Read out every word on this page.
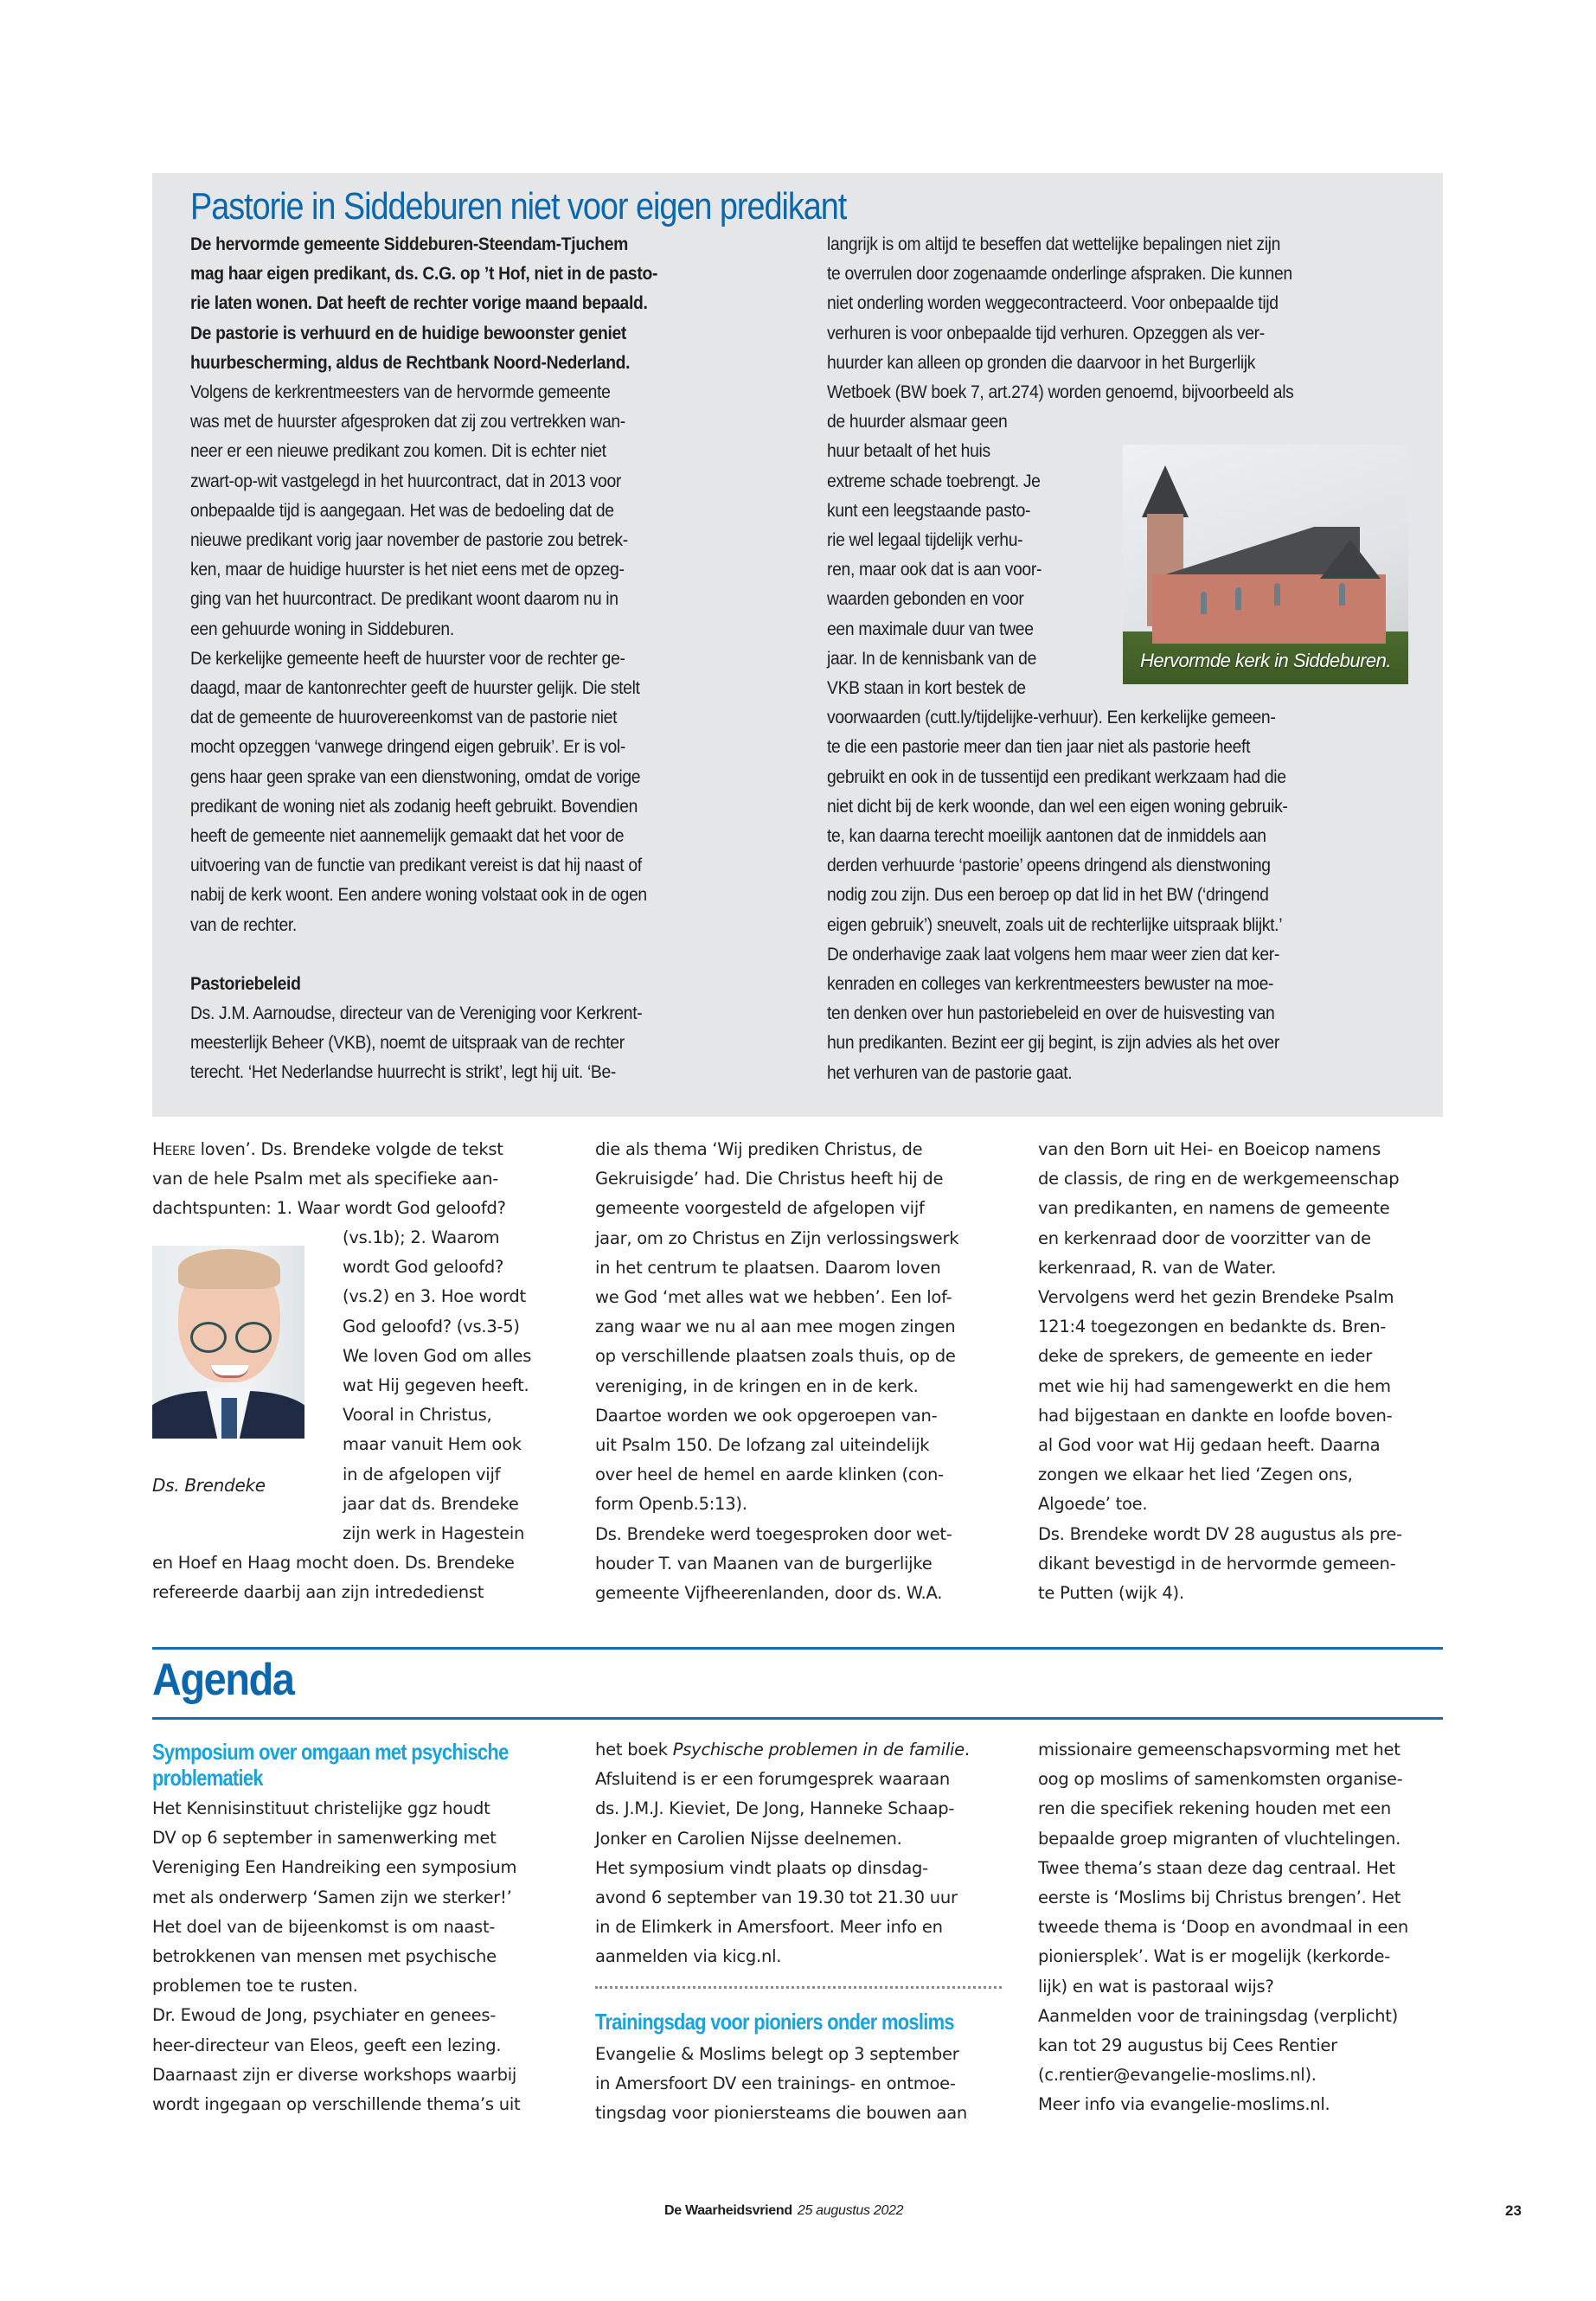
Pastorie in Siddeburen niet voor eigen predikant
De hervormde gemeente Siddeburen-Steendam-Tjuchem
mag haar eigen predikant, ds. C.G. op ’t Hof, niet in de pasto-
rie laten wonen. Dat heeft de rechter vorige maand bepaald.
De pastorie is verhuurd en de huidige bewoonster geniet
huurbescherming, aldus de Rechtbank Noord-Nederland.
Volgens de kerkrentmeesters van de hervormde gemeente
was met de huurster afgesproken dat zij zou vertrekken wan-
neer er een nieuwe predikant zou komen. Dit is echter niet
zwart-op-wit vastgelegd in het huurcontract, dat in 2013 voor
onbepaalde tijd is aangegaan. Het was de bedoeling dat de
nieuwe predikant vorig jaar november de pastorie zou betrek-
ken, maar de huidige huurster is het niet eens met de opzeg-
ging van het huurcontract. De predikant woont daarom nu in
een gehuurde woning in Siddeburen.
De kerkelijke gemeente heeft de huurster voor de rechter ge-
daagd, maar de kantonrechter geeft de huurster gelijk. Die stelt
dat de gemeente de huurovereenkomst van de pastorie niet
mocht opzeggen ‘vanwege dringend eigen gebruik’. Er is vol-
gens haar geen sprake van een dienstwoning, omdat de vorige
predikant de woning niet als zodanig heeft gebruikt. Bovendien
heeft de gemeente niet aannemelijk gemaakt dat het voor de
uitvoering van de functie van predikant vereist is dat hij naast of
nabij de kerk woont. Een andere woning volstaat ook in de ogen
van de rechter.
Pastoriebeleid
Ds. J.M. Aarnoudse, directeur van de Vereniging voor Kerkrent-
meesterlijk Beheer (VKB), noemt de uitspraak van de rechter
terecht. ‘Het Nederlandse huurrecht is strikt’, legt hij uit. ‘Be-
langrijk is om altijd te beseffen dat wettelijke bepalingen niet zijn
te overrulen door zogenaamde onderlinge afspraken. Die kunnen
niet onderling worden weggecontracteerd. Voor onbepaalde tijd
verhuren is voor onbepaalde tijd verhuren. Opzeggen als ver-
huurder kan alleen op gronden die daarvoor in het Burgerlijk
Wetboek (BW boek 7, art.274) worden genoemd, bijvoorbeeld als
de huurder alsmaar geen
huur betaalt of het huis
extreme schade toebrengt. Je
kunt een leegstaande pasto-
rie wel legaal tijdelijk verhu-
ren, maar ook dat is aan voor-
waarden gebonden en voor
een maximale duur van twee
jaar. In de kennisbank van de
VKB staan in kort bestek de
voorwaarden (cutt.ly/tijdelijke-verhuur). Een kerkelijke gemeen-
te die een pastorie meer dan tien jaar niet als pastorie heeft
gebruikt en ook in de tussentijd een predikant werkzaam had die
niet dicht bij de kerk woonde, dan wel een eigen woning gebruik-
te, kan daarna terecht moeilijk aantonen dat de inmiddels aan
derden verhuurde ‘pastorie’ opeens dringend als dienstwoning
nodig zou zijn. Dus een beroep op dat lid in het BW (‘dringend
eigen gebruik’) sneuvelt, zoals uit de rechterlijke uitspraak blijkt.’
De onderhavige zaak laat volgens hem maar weer zien dat ker-
kenraden en colleges van kerkrentmeesters bewuster na moe-
ten denken over hun pastoriebeleid en over de huisvesting van
hun predikanten. Bezint eer gij begint, is zijn advies als het over
het verhuren van de pastorie gaat.
Hervormde kerk in Siddeburen.
Heere loven’. Ds. Brendeke volgde de tekst
van de hele Psalm met als specifieke aan-
dachtspunten: 1. Waar wordt God geloofd?
(vs.1b); 2. Waarom
wordt God geloofd?
(vs.2) en 3. Hoe wordt
God geloofd? (vs.3-5)
We loven God om alles
wat Hij gegeven heeft.
Vooral in Christus,
maar vanuit Hem ook
in de afgelopen vijf
jaar dat ds. Brendeke
zijn werk in Hagestein
en Hoef en Haag mocht doen. Ds. Brendeke
refereerde daarbij aan zijn intrededienst
Ds. Brendeke
die als thema ‘Wij prediken Christus, de
Gekruisigde’ had. Die Christus heeft hij de
gemeente voorgesteld de afgelopen vijf
jaar, om zo Christus en Zijn verlossingswerk
in het centrum te plaatsen. Daarom loven
we God ‘met alles wat we hebben’. Een lof-
zang waar we nu al aan mee mogen zingen
op verschillende plaatsen zoals thuis, op de
vereniging, in de kringen en in de kerk.
Daartoe worden we ook opgeroepen van-
uit Psalm 150. De lofzang zal uiteindelijk
over heel de hemel en aarde klinken (con-
form Openb.5:13).
Ds. Brendeke werd toegesproken door wet-
houder T. van Maanen van de burgerlijke
gemeente Vijfheerenlanden, door ds. W.A.
van den Born uit Hei- en Boeicop namens
de classis, de ring en de werkgemeenschap
van predikanten, en namens de gemeente
en kerkenraad door de voorzitter van de
kerkenraad, R. van de Water.
Vervolgens werd het gezin Brendeke Psalm
121:4 toegezongen en bedankte ds. Bren-
deke de sprekers, de gemeente en ieder
met wie hij had samengewerkt en die hem
had bijgestaan en dankte en loofde boven-
al God voor wat Hij gedaan heeft. Daarna
zongen we elkaar het lied ‘Zegen ons,
Algoede’ toe.
Ds. Brendeke wordt DV 28 augustus als pre-
dikant bevestigd in de hervormde gemeen-
te Putten (wijk 4).
Agenda
Symposium over omgaan met psychische
problematiek
Het Kennisinstituut christelijke ggz houdt
DV op 6 september in samenwerking met
Vereniging Een Handreiking een symposium
met als onderwerp ‘Samen zijn we sterker!’
Het doel van de bijeenkomst is om naast-
betrokkenen van mensen met psychische
problemen toe te rusten.
Dr. Ewoud de Jong, psychiater en genees-
heer-directeur van Eleos, geeft een lezing.
Daarnaast zijn er diverse workshops waarbij
wordt ingegaan op verschillende thema’s uit
het boek Psychische problemen in de familie.
Afsluitend is er een forumgesprek waaraan
ds. J.M.J. Kieviet, De Jong, Hanneke Schaap-
Jonker en Carolien Nijsse deelnemen.
Het symposium vindt plaats op dinsdag-
avond 6 september van 19.30 tot 21.30 uur
in de Elimkerk in Amersfoort. Meer info en
aanmelden via kicg.nl.
Trainingsdag voor pioniers onder moslims
Evangelie & Moslims belegt op 3 september
in Amersfoort DV een trainings- en ontmoe-
tingsdag voor pioniersteams die bouwen aan
missionaire gemeenschapsvorming met het
oog op moslims of samenkomsten organise-
ren die specifiek rekening houden met een
bepaalde groep migranten of vluchtelingen.
Twee thema’s staan deze dag centraal. Het
eerste is ‘Moslims bij Christus brengen’. Het
tweede thema is ‘Doop en avondmaal in een
pioniersplek’. Wat is er mogelijk (kerkorde-
lijk) en wat is pastoraal wijs?
Aanmelden voor de trainingsdag (verplicht)
kan tot 29 augustus bij Cees Rentier
(c.rentier@evangelie-moslims.nl).
Meer info via evangelie-moslims.nl.
De Waarheidsvriend 25 augustus 2022	23
